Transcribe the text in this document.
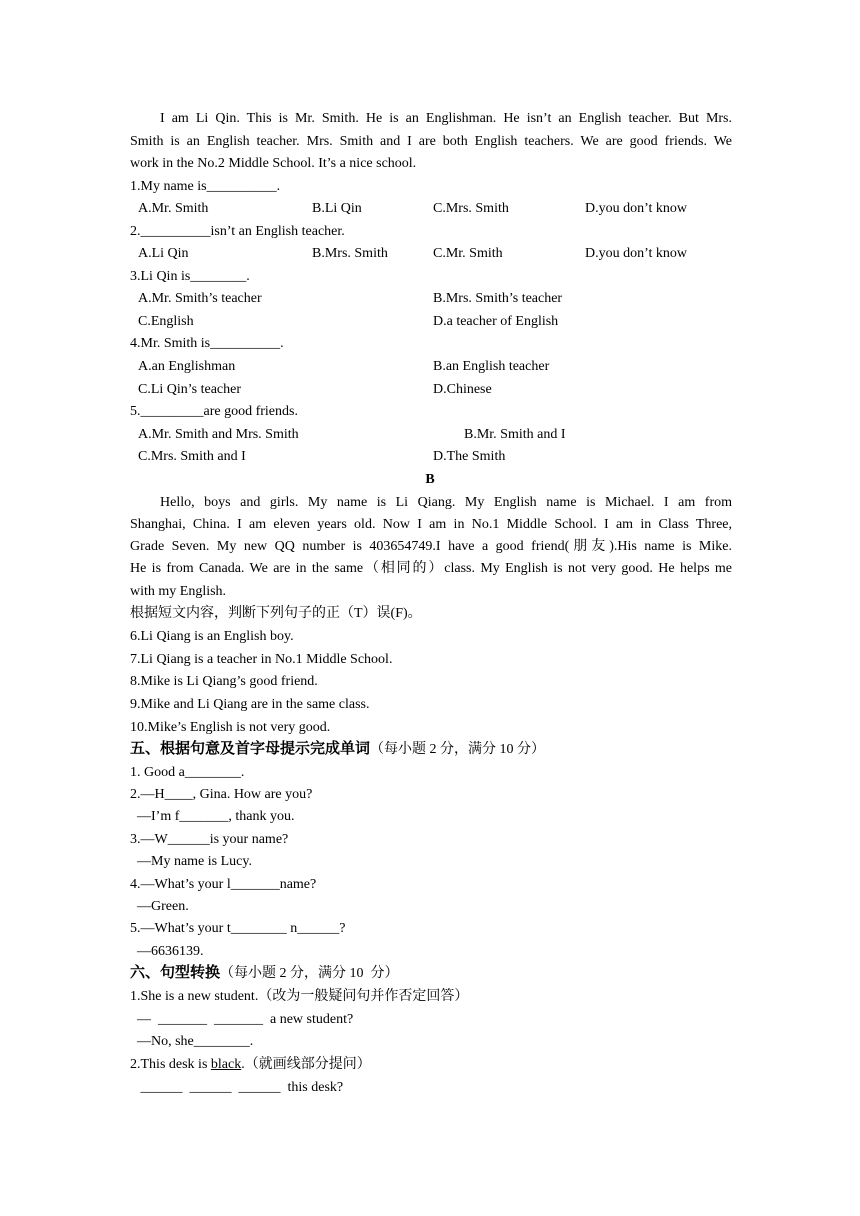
I am Li Qin. This is Mr. Smith. He is an Englishman. He isn’t an English teacher. But Mrs.
Smith is an English teacher. Mrs. Smith and I are both English teachers. We are good friends. We
work in the No.2 Middle School. It’s a nice school.
1.My name is__________.
A.Mr. Smith	B.Li Qin	C.Mrs. Smith	D.you don’t know
2.__________isn’t an English teacher.
A.Li Qin	B.Mrs. Smith	C.Mr. Smith	D.you don’t know
3.Li Qin is________.
A.Mr. Smith’s teacher	B.Mrs. Smith’s teacher
C.English	D.a teacher of English
4.Mr. Smith is__________.
A.an Englishman	B.an English teacher
C.Li Qin’s teacher	D.Chinese
5._________are good friends.
A.Mr. Smith and Mrs. Smith	B.Mr. Smith and I
C.Mrs. Smith and I	D.The Smith
B
Hello, boys and girls. My name is Li Qiang. My English name is Michael. I am from
Shanghai, China. I am eleven years old. Now I am in No.1 Middle School. I am in Class Three,
Grade Seven. My new QQ number is 403654749.I have a good friend(朋友).His name is Mike.
He is from Canada. We are in the same（相同的）class. My English is not very good. He helps me
with my English.
根据短文内容，判断下列句子的正（T）误(F)。
6.Li Qiang is an English boy.
7.Li Qiang is a teacher in No.1 Middle School.
8.Mike is Li Qiang’s good friend.
9.Mike and Li Qiang are in the same class.
10.Mike’s English is not very good.
五、根据句意及首字母提示完成单词（每小题 2 分，满分 10 分）
1. Good a________.
2.—H____, Gina. How are you?
—I’m f_______, thank you.
3.—W______is your name?
—My name is Lucy.
4.—What’s your l_______name?
—Green.
5.—What’s your t________ n______?
—6636139.
六、句型转换（每小题 2 分，满分 10  分）
1.She is a new student.（改为一般疑问句并作否定回答）
—  _______  _______  a new student?
—No, she________.
2.This desk is black.（就画线部分提问）
______  ______  ______  this desk?
